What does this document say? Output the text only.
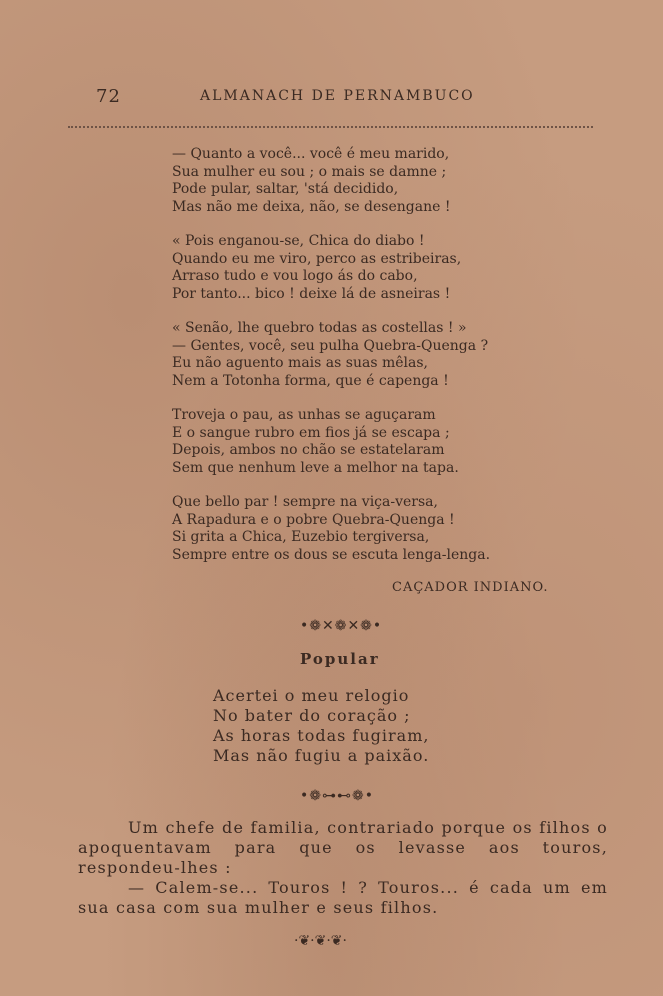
72	ALMANACH DE PERNAMBUCO
— Quanto a você... você é meu marido,
Sua mulher eu sou ; o mais se damne ;
Pode pular, saltar, 'stá decidido,
Mas não me deixa, não, se desengane !
« Pois enganou-se, Chica do diabo !
Quando eu me viro, perco as estribeiras,
Arraso tudo e vou logo ás do cabo,
Por tanto... bico ! deixe lá de asneiras !
« Senão, lhe quebro todas as costellas ! »
— Gentes, você, seu pulha Quebra-Quenga ?
Eu não aguento mais as suas mêlas,
Nem a Totonha forma, que é capenga !
Troveja o pau, as unhas se aguçaram
E o sangue rubro em fios já se escapa ;
Depois, ambos no chão se estatelaram
Sem que nenhum leve a melhor na tapa.
Que bello par ! sempre na viça-versa,
A Rapadura e o pobre Quebra-Quenga !
Si grita a Chica, Euzebio tergiversa,
Sempre entre os dous se escuta lenga-lenga.
CAÇADOR INDIANO.
•❁✕❁✕❁•
Popular
Acertei o meu relogio
No bater do coração ;
As horas todas fugiram,
Mas não fugiu a paixão.
•❁⊶⊷❁•

Um chefe de familia, contrariado porque os filhos o apoquentavam para que os levasse aos touros, respondeu-lhes :

— Calem-se... Touros ! ? Touros... é cada um em sua casa com sua mulher e seus filhos.

·❦·❦·❦·
